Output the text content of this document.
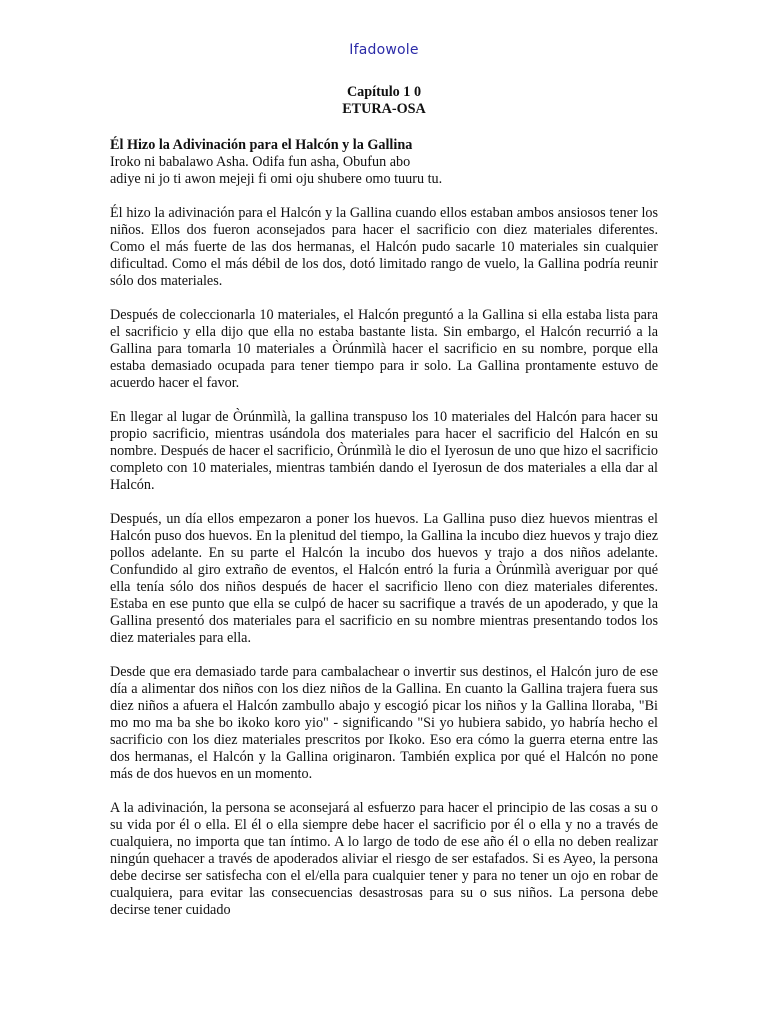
Ifadowole

Capítulo 1 0

ETURA-OSA

Él Hizo la Adivinación para el Halcón y la Gallina

Iroko ni babalawo Asha. Odifa fun asha, Obufun abo

adiye ni jo ti awon mejeji fi omi oju shubere omo tuuru tu.

Él hizo la adivinación para el Halcón y la Gallina cuando ellos estaban ambos ansiosos tener los niños. Ellos dos fueron aconsejados para hacer el sacrificio con diez materiales diferentes. Como el más fuerte de las dos hermanas, el Halcón pudo sacarle 10 materiales sin cualquier dificultad. Como el más débil de los dos, dotó limitado rango de vuelo, la Gallina podría reunir sólo dos materiales.

Después de coleccionarla 10 materiales, el Halcón preguntó a la Gallina si ella estaba lista para el sacrificio y ella dijo que ella no estaba bastante lista. Sin embargo, el Halcón recurrió a la Gallina para tomarla 10 materiales a Òrúnmìlà hacer el sacrificio en su nombre, porque ella estaba demasiado ocupada para tener tiempo para ir solo. La Gallina prontamente estuvo de acuerdo hacer el favor.

En llegar al lugar de Òrúnmìlà, la gallina transpuso los 10 materiales del Halcón para hacer su propio sacrificio, mientras usándola dos materiales para hacer el sacrificio del Halcón en su nombre. Después de hacer el sacrificio, Òrúnmìlà le dio el Iyerosun de uno que hizo el sacrificio completo con 10 materiales, mientras también dando el Iyerosun de dos materiales a ella dar al Halcón.

Después, un día ellos empezaron a poner los huevos. La Gallina puso diez huevos mientras el Halcón puso dos huevos. En la plenitud del tiempo, la Gallina la incubo diez huevos y trajo diez pollos adelante. En su parte el Halcón la incubo dos huevos y trajo a dos niños adelante. Confundido al giro extraño de eventos, el Halcón entró la furia a Òrúnmìlà averiguar por qué ella tenía sólo dos niños después de hacer el sacrificio lleno con diez materiales diferentes. Estaba en ese punto que ella se culpó de hacer su sacrifique a través de un apoderado, y que la Gallina presentó dos materiales para el sacrificio en su nombre mientras presentando todos los diez materiales para ella.

Desde que era demasiado tarde para cambalachear o invertir sus destinos, el Halcón juro de ese día a alimentar dos niños con los diez niños de la Gallina. En cuanto la Gallina trajera fuera sus diez niños a afuera el Halcón zambullo abajo y escogió picar los niños y la Gallina lloraba, "Bi mo mo ma ba she bo ikoko koro yio" - significando "Si yo hubiera sabido, yo habría hecho el sacrificio con los diez materiales prescritos por Ikoko. Eso era cómo la guerra eterna entre las dos hermanas, el Halcón y la Gallina originaron. También explica por qué el Halcón no pone más de dos huevos en un momento.

A la adivinación, la persona se aconsejará al esfuerzo para hacer el principio de las cosas a su o su vida por él o ella. El él o ella siempre debe hacer el sacrificio por él o ella y no a través de cualquiera, no importa que tan íntimo. A lo largo de todo de ese año él o ella no deben realizar ningún quehacer a través de apoderados aliviar el riesgo de ser estafados. Si es Ayeo, la persona debe decirse ser satisfecha con el el/ella para cualquier tener y para no tener un ojo en robar de cualquiera, para evitar las consecuencias desastrosas para su o sus niños. La persona debe decirse tener cuidado
